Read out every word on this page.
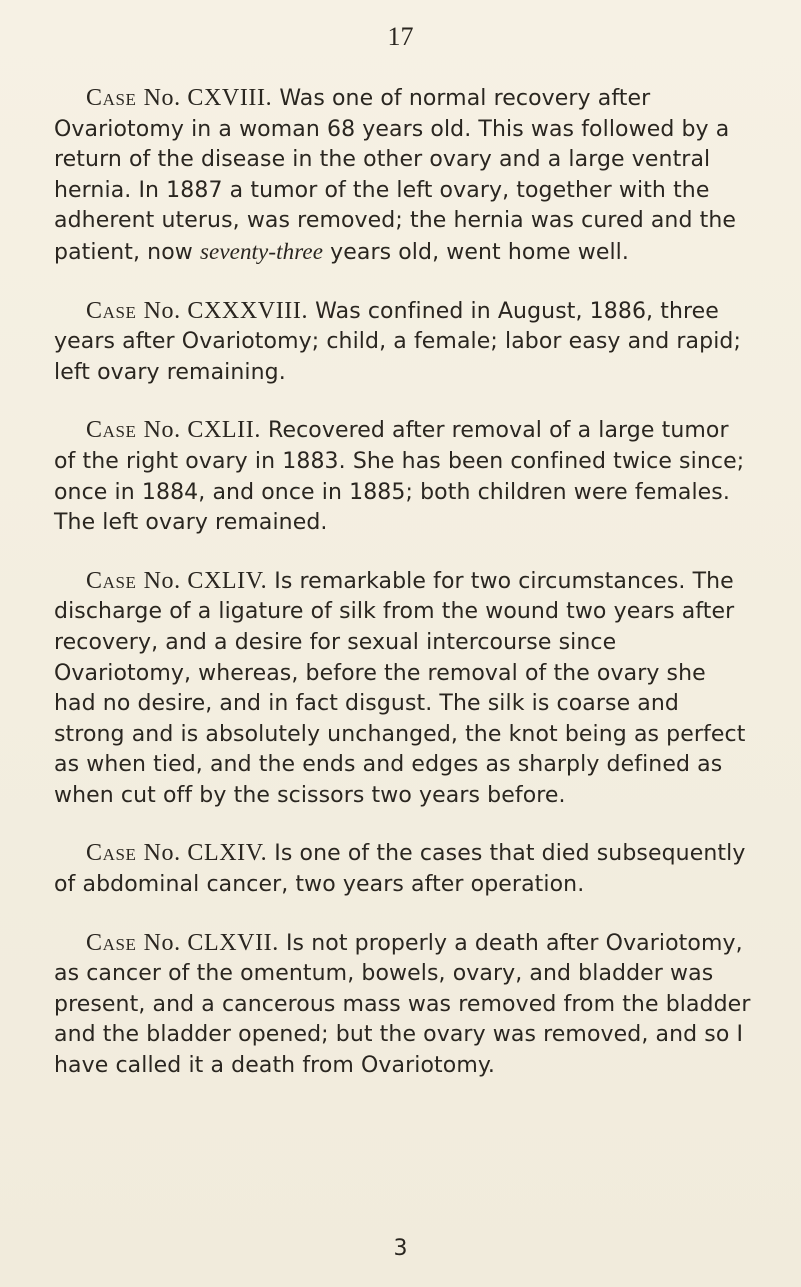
17

Case No. CXVIII. Was one of normal recovery after Ovariotomy in a woman 68 years old. This was followed by a return of the disease in the other ovary and a large ventral hernia. In 1887 a tumor of the left ovary, together with the adherent uterus, was removed; the hernia was cured and the patient, now seventy-three years old, went home well.

Case No. CXXXVIII. Was confined in August, 1886, three years after Ovariotomy; child, a female; labor easy and rapid; left ovary remaining.

Case No. CXLII. Recovered after removal of a large tumor of the right ovary in 1883. She has been confined twice since; once in 1884, and once in 1885; both children were females. The left ovary remained.

Case No. CXLIV. Is remarkable for two circumstances. The discharge of a ligature of silk from the wound two years after recovery, and a desire for sexual intercourse since Ovariotomy, whereas, before the removal of the ovary she had no desire, and in fact disgust. The silk is coarse and strong and is absolutely unchanged, the knot being as perfect as when tied, and the ends and edges as sharply defined as when cut off by the scissors two years before.

Case No. CLXIV. Is one of the cases that died subsequently of abdominal cancer, two years after operation.

Case No. CLXVII. Is not properly a death after Ovariotomy, as cancer of the omentum, bowels, ovary, and bladder was present, and a cancerous mass was removed from the bladder and the bladder opened; but the ovary was removed, and so I have called it a death from Ovariotomy.

3
